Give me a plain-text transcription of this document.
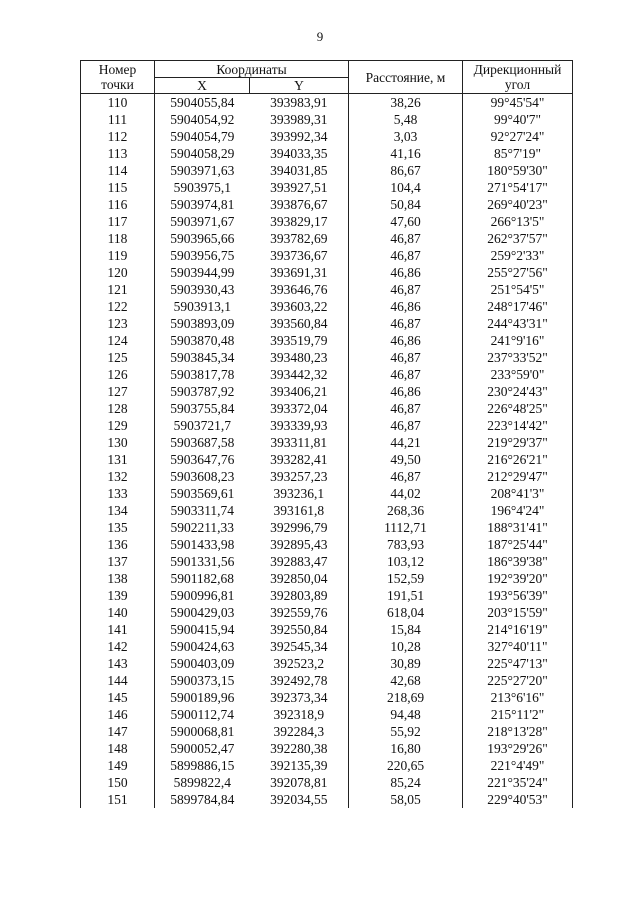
9
Номер
точки	Координаты		Расстояние, м	Дирекционный
угол

	X	Y		
110	5904055,84	393983,91	38,26	99°45'54"
111	5904054,92	393989,31	5,48	99°40'7"
112	5904054,79	393992,34	3,03	92°27'24"
113	5904058,29	394033,35	41,16	85°7'19"
114	5903971,63	394031,85	86,67	180°59'30"
115	5903975,1	393927,51	104,4	271°54'17"
116	5903974,81	393876,67	50,84	269°40'23"
117	5903971,67	393829,17	47,60	266°13'5"
118	5903965,66	393782,69	46,87	262°37'57"
119	5903956,75	393736,67	46,87	259°2'33"
120	5903944,99	393691,31	46,86	255°27'56"
121	5903930,43	393646,76	46,87	251°54'5"
122	5903913,1	393603,22	46,86	248°17'46"
123	5903893,09	393560,84	46,87	244°43'31"
124	5903870,48	393519,79	46,86	241°9'16"
125	5903845,34	393480,23	46,87	237°33'52"
126	5903817,78	393442,32	46,87	233°59'0"
127	5903787,92	393406,21	46,86	230°24'43"
128	5903755,84	393372,04	46,87	226°48'25"
129	5903721,7	393339,93	46,87	223°14'42"
130	5903687,58	393311,81	44,21	219°29'37"
131	5903647,76	393282,41	49,50	216°26'21"
132	5903608,23	393257,23	46,87	212°29'47"
133	5903569,61	393236,1	44,02	208°41'3"
134	5903311,74	393161,8	268,36	196°4'24"
135	5902211,33	392996,79	1112,71	188°31'41"
136	5901433,98	392895,43	783,93	187°25'44"
137	5901331,56	392883,47	103,12	186°39'38"
138	5901182,68	392850,04	152,59	192°39'20"
139	5900996,81	392803,89	191,51	193°56'39"
140	5900429,03	392559,76	618,04	203°15'59"
141	5900415,94	392550,84	15,84	214°16'19"
142	5900424,63	392545,34	10,28	327°40'11"
143	5900403,09	392523,2	30,89	225°47'13"
144	5900373,15	392492,78	42,68	225°27'20"
145	5900189,96	392373,34	218,69	213°6'16"
146	5900112,74	392318,9	94,48	215°11'2"
147	5900068,81	392284,3	55,92	218°13'28"
148	5900052,47	392280,38	16,80	193°29'26"
149	5899886,15	392135,39	220,65	221°4'49"
150	5899822,4	392078,81	85,24	221°35'24"
151	5899784,84	392034,55	58,05	229°40'53"
